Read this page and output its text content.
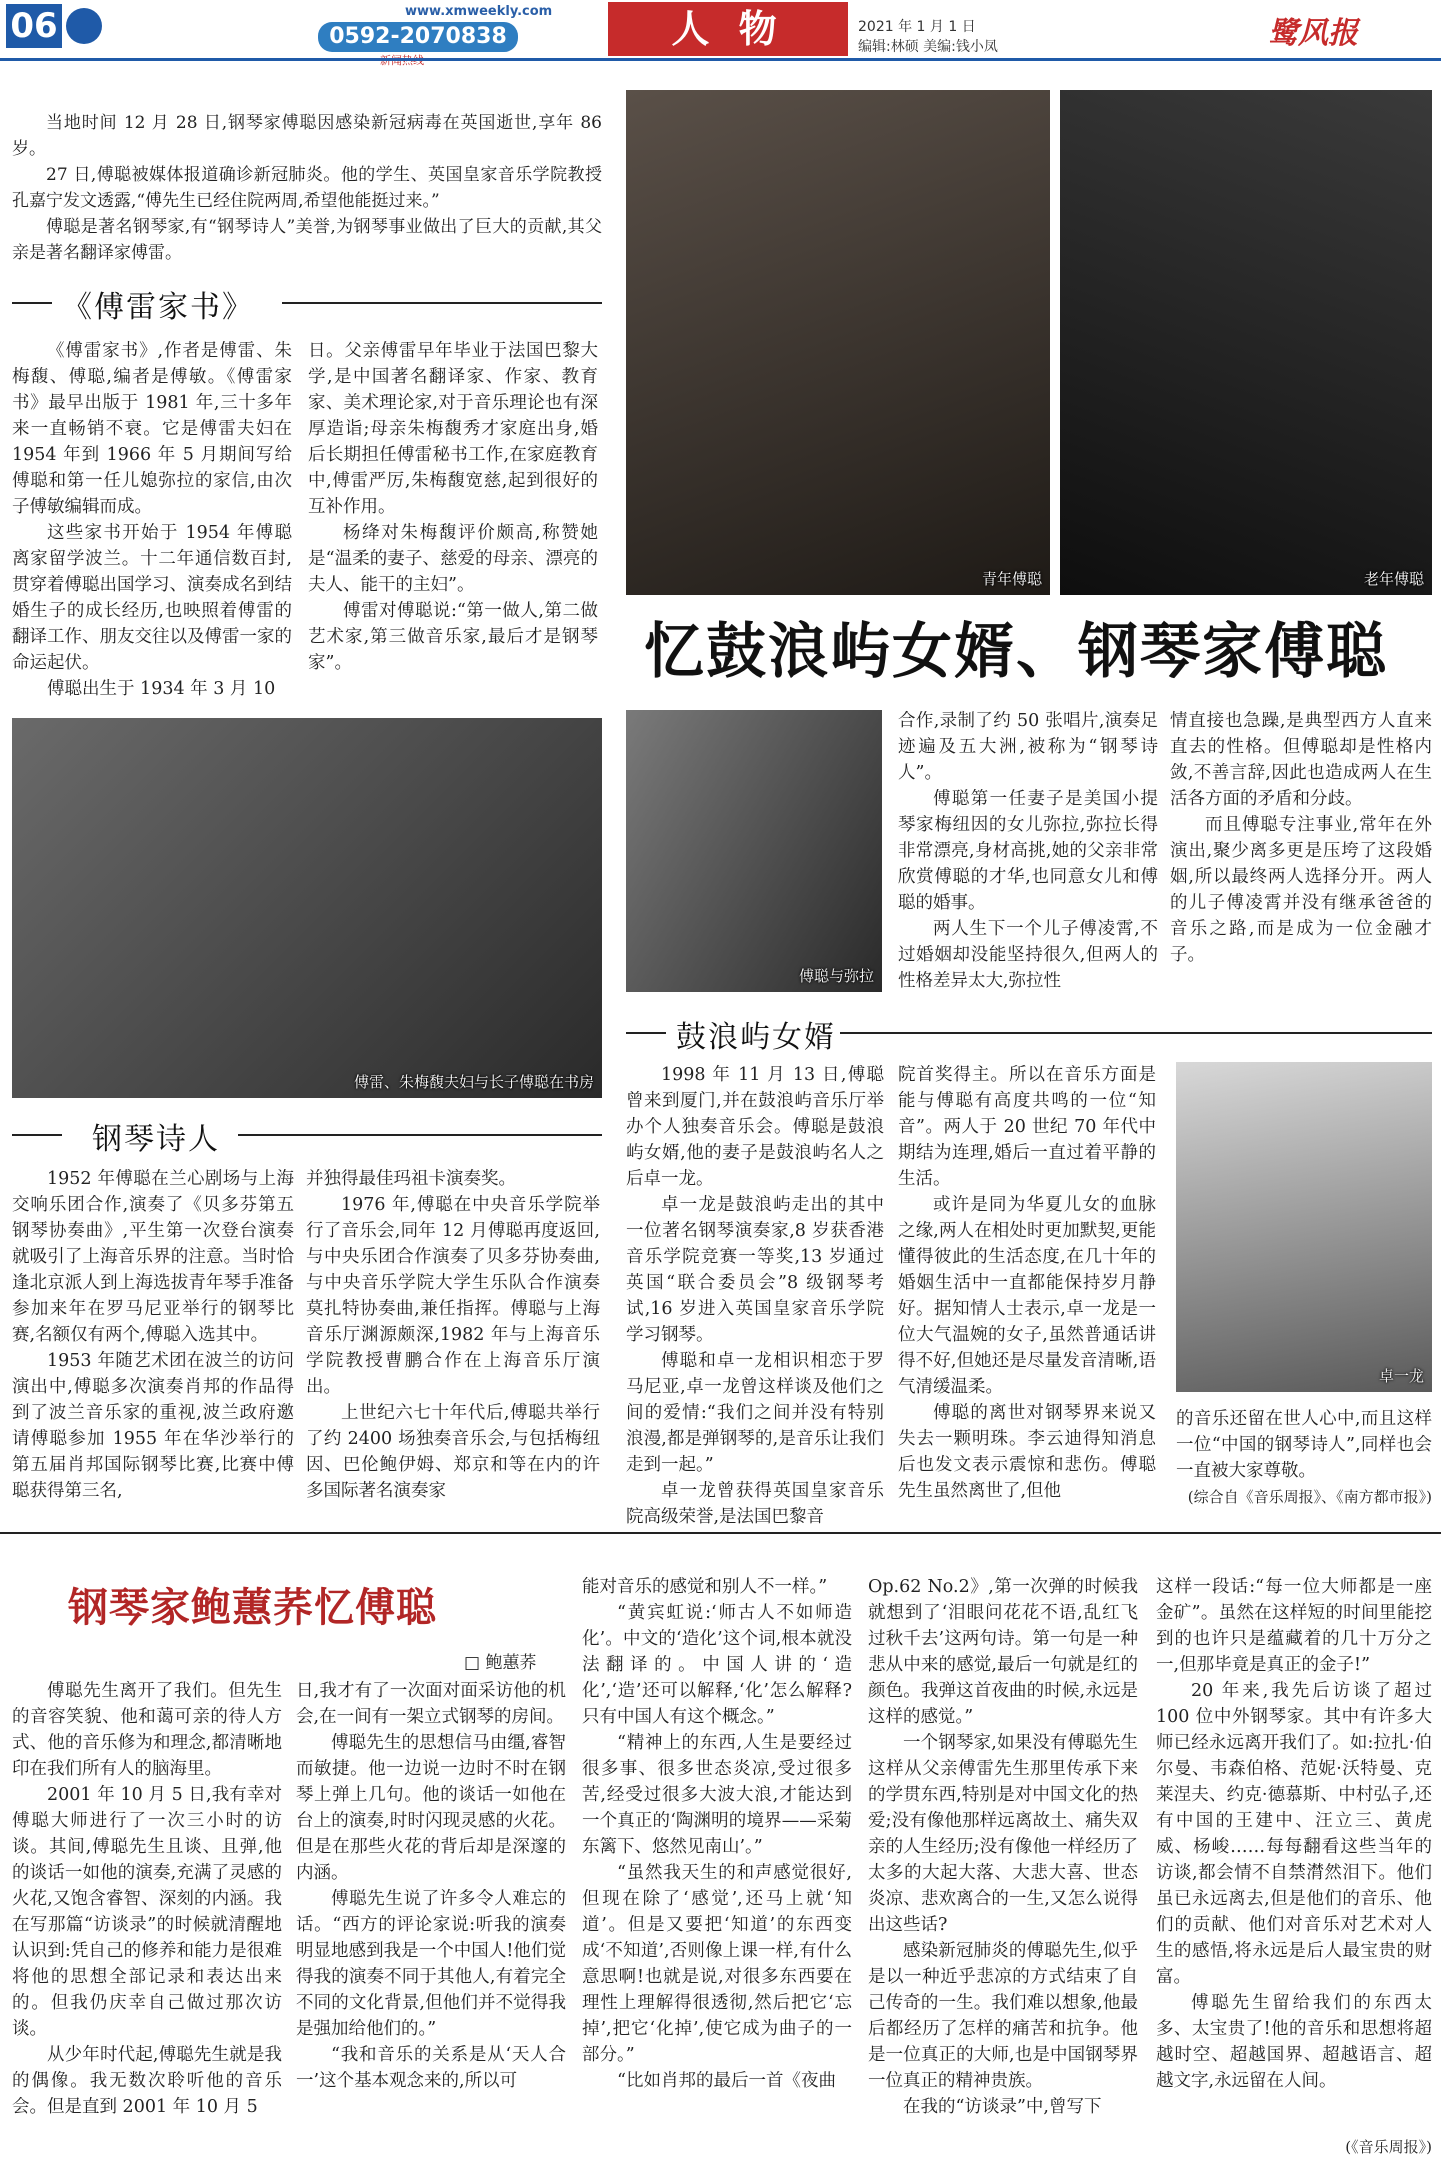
06	www.xmweekly.com
0592-2070838	人 物	2021 年 1 月 1 日
编辑:林硕 美编:钱小凤	鹭风报

当地时间 12 月 28 日,钢琴家傅聪因感染新冠病毒在英国逝世,享年 86 岁。

27 日,傅聪被媒体报道确诊新冠肺炎。他的学生、英国皇家音乐学院教授孔嘉宁发文透露,“傅先生已经住院两周,希望他能挺过来。”

傅聪是著名钢琴家,有“钢琴诗人”美誉,为钢琴事业做出了巨大的贡献,其父亲是著名翻译家傅雷。

《傅雷家书》

《傅雷家书》,作者是傅雷、朱梅馥、傅聪,编者是傅敏。《傅雷家书》最早出版于 1981 年,三十多年来一直畅销不衰。它是傅雷夫妇在 1954 年到 1966 年 5 月期间写给傅聪和第一任儿媳弥拉的家信,由次子傅敏编辑而成。

这些家书开始于 1954 年傅聪离家留学波兰。十二年通信数百封,贯穿着傅聪出国学习、演奏成名到结婚生子的成长经历,也映照着傅雷的翻译工作、朋友交往以及傅雷一家的命运起伏。

傅聪出生于 1934 年 3 月 10

日。父亲傅雷早年毕业于法国巴黎大学,是中国著名翻译家、作家、教育家、美术理论家,对于音乐理论也有深厚造诣;母亲朱梅馥秀才家庭出身,婚后长期担任傅雷秘书工作,在家庭教育中,傅雷严厉,朱梅馥宽慈,起到很好的互补作用。

杨绛对朱梅馥评价颇高,称赞她是“温柔的妻子、慈爱的母亲、漂亮的夫人、能干的主妇”。

傅雷对傅聪说:“第一做人,第二做艺术家,第三做音乐家,最后才是钢琴家”。

傅雷、朱梅馥夫妇与长子傅聪在书房
钢琴诗人

1952 年傅聪在兰心剧场与上海交响乐团合作,演奏了《贝多芬第五钢琴协奏曲》,平生第一次登台演奏就吸引了上海音乐界的注意。当时恰逢北京派人到上海选拔青年琴手准备参加来年在罗马尼亚举行的钢琴比赛,名额仅有两个,傅聪入选其中。

1953 年随艺术团在波兰的访问演出中,傅聪多次演奏肖邦的作品得到了波兰音乐家的重视,波兰政府邀请傅聪参加 1955 年在华沙举行的第五届肖邦国际钢琴比赛,比赛中傅聪获得第三名,

并独得最佳玛祖卡演奏奖。

1976 年,傅聪在中央音乐学院举行了音乐会,同年 12 月傅聪再度返回,与中央乐团合作演奏了贝多芬协奏曲,与中央音乐学院大学生乐队合作演奏莫扎特协奏曲,兼任指挥。傅聪与上海音乐厅渊源颇深,1982 年与上海音乐学院教授曹鹏合作在上海音乐厅演出。

上世纪六七十年代后,傅聪共举行了约 2400 场独奏音乐会,与包括梅纽因、巴伦鲍伊姆、郑京和等在内的许多国际著名演奏家

青年傅聪	老年傅聪
忆鼓浪屿女婿、钢琴家傅聪
傅聪与弥拉

合作,录制了约 50 张唱片,演奏足迹遍及五大洲,被称为“钢琴诗人”。

傅聪第一任妻子是美国小提琴家梅纽因的女儿弥拉,弥拉长得非常漂亮,身材高挑,她的父亲非常欣赏傅聪的才华,也同意女儿和傅聪的婚事。

两人生下一个儿子傅凌霄,不过婚姻却没能坚持很久,但两人的性格差异太大,弥拉性

情直接也急躁,是典型西方人直来直去的性格。但傅聪却是性格内敛,不善言辞,因此也造成两人在生活各方面的矛盾和分歧。

而且傅聪专注事业,常年在外演出,聚少离多更是压垮了这段婚姻,所以最终两人选择分开。两人的儿子傅凌霄并没有继承爸爸的音乐之路,而是成为一位金融才子。

鼓浪屿女婿

1998 年 11 月 13 日,傅聪曾来到厦门,并在鼓浪屿音乐厅举办个人独奏音乐会。傅聪是鼓浪屿女婿,他的妻子是鼓浪屿名人之后卓一龙。

卓一龙是鼓浪屿走出的其中一位著名钢琴演奏家,8 岁获香港音乐学院竞赛一等奖,13 岁通过英国“联合委员会”8 级钢琴考试,16 岁进入英国皇家音乐学院学习钢琴。

傅聪和卓一龙相识相恋于罗马尼亚,卓一龙曾这样谈及他们之间的爱情:“我们之间并没有特别浪漫,都是弹钢琴的,是音乐让我们走到一起。”

卓一龙曾获得英国皇家音乐院高级荣誉,是法国巴黎音

院首奖得主。所以在音乐方面是能与傅聪有高度共鸣的一位“知音”。两人于 20 世纪 70 年代中期结为连理,婚后一直过着平静的生活。

或许是同为华夏儿女的血脉之缘,两人在相处时更加默契,更能懂得彼此的生活态度,在几十年的婚姻生活中一直都能保持岁月静好。据知情人士表示,卓一龙是一位大气温婉的女子,虽然普通话讲得不好,但她还是尽量发音清晰,语气清缓温柔。

傅聪的离世对钢琴界来说又失去一颗明珠。李云迪得知消息后也发文表示震惊和悲伤。傅聪先生虽然离世了,但他

卓一龙

的音乐还留在世人心中,而且这样一位“中国的钢琴诗人”,同样也会一直被大家尊敬。

(综合自《音乐周报》、《南方都市报》)
钢琴家鲍蕙荞忆傅聪
□ 鲍蕙荞

傅聪先生离开了我们。但先生的音容笑貌、他和蔼可亲的待人方式、他的音乐修为和理念,都清晰地印在我们所有人的脑海里。

2001 年 10 月 5 日,我有幸对傅聪大师进行了一次三小时的访谈。其间,傅聪先生且谈、且弹,他的谈话一如他的演奏,充满了灵感的火花,又饱含睿智、深刻的内涵。我在写那篇“访谈录”的时候就清醒地认识到:凭自己的修养和能力是很难将他的思想全部记录和表达出来的。但我仍庆幸自己做过那次访谈。

从少年时代起,傅聪先生就是我的偶像。我无数次聆听他的音乐会。但是直到 2001 年 10 月 5

日,我才有了一次面对面采访他的机会,在一间有一架立式钢琴的房间。

傅聪先生的思想信马由缰,睿智而敏捷。他一边说一边时不时在钢琴上弹上几句。他的谈话一如他在台上的演奏,时时闪现灵感的火花。但是在那些火花的背后却是深邃的内涵。

傅聪先生说了许多令人难忘的话。“西方的评论家说:听我的演奏明显地感到我是一个中国人!他们觉得我的演奏不同于其他人,有着完全不同的文化背景,但他们并不觉得我是强加给他们的。”

“我和音乐的关系是从‘天人合一’这个基本观念来的,所以可

能对音乐的感觉和别人不一样。”

“黄宾虹说:‘师古人不如师造化’。中文的‘造化’这个词,根本就没法翻译的。中国人讲的‘造化’,‘造’还可以解释,‘化’怎么解释?只有中国人有这个概念。”

“精神上的东西,人生是要经过很多事、很多世态炎凉,受过很多苦,经受过很多大波大浪,才能达到一个真正的‘陶渊明的境界——采菊东篱下、悠然见南山’。”

“虽然我天生的和声感觉很好,但现在除了‘感觉’,还马上就‘知道’。但是又要把‘知道’的东西变成‘不知道’,否则像上课一样,有什么意思啊!也就是说,对很多东西要在理性上理解得很透彻,然后把它‘忘掉’,把它‘化掉’,使它成为曲子的一部分。”

“比如肖邦的最后一首《夜曲

Op.62 No.2》,第一次弹的时候我就想到了‘泪眼问花花不语,乱红飞过秋千去’这两句诗。第一句是一种悲从中来的感觉,最后一句就是红的颜色。我弹这首夜曲的时候,永远是这样的感觉。”

一个钢琴家,如果没有傅聪先生这样从父亲傅雷先生那里传承下来的学贯东西,特别是对中国文化的热爱;没有像他那样远离故土、痛失双亲的人生经历;没有像他一样经历了太多的大起大落、大悲大喜、世态炎凉、悲欢离合的一生,又怎么说得出这些话?

感染新冠肺炎的傅聪先生,似乎是以一种近乎悲凉的方式结束了自己传奇的一生。我们难以想象,他最后都经历了怎样的痛苦和抗争。他是一位真正的大师,也是中国钢琴界一位真正的精神贵族。

在我的“访谈录”中,曾写下

这样一段话:“每一位大师都是一座金矿”。虽然在这样短的时间里能挖到的也许只是蕴藏着的几十万分之一,但那毕竟是真正的金子!”

20 年来,我先后访谈了超过 100 位中外钢琴家。其中有许多大师已经永远离开我们了。如:拉扎·伯尔曼、韦森伯格、范妮·沃特曼、克莱涅夫、约克·德慕斯、中村弘子,还有中国的王建中、汪立三、黄虎威、杨峻……每每翻看这些当年的访谈,都会情不自禁潸然泪下。他们虽已永远离去,但是他们的音乐、他们的贡献、他们对音乐对艺术对人生的感悟,将永远是后人最宝贵的财富。

傅聪先生留给我们的东西太多、太宝贵了!他的音乐和思想将超越时空、超越国界、超越语言、超越文字,永远留在人间。

(《音乐周报》)
